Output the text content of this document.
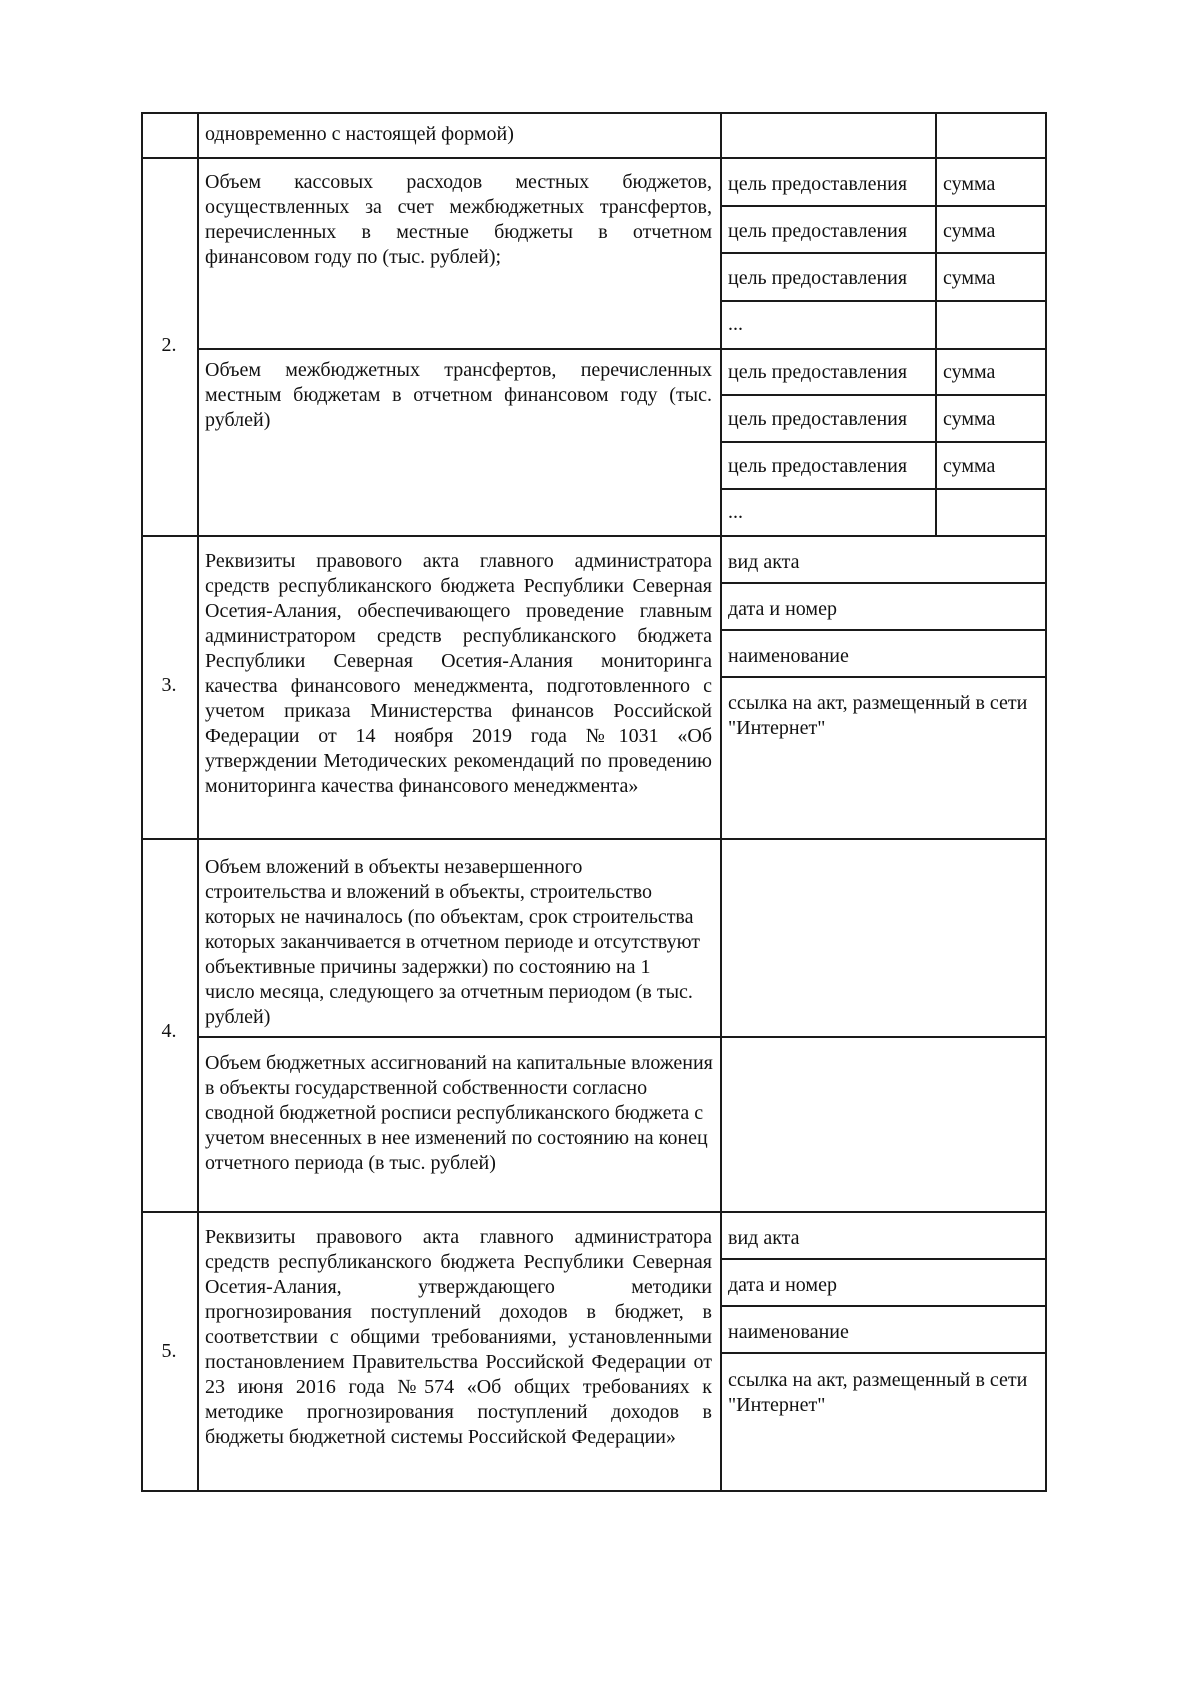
одновременно с настоящей формой)
2.
Объем кассовых расходов местных бюджетов, осуществленных за счет межбюджетных трансфертов, перечисленных в местные бюджеты в отчетном финансовом году по (тыс. рублей);
цель предоставления сумма
цель предоставления сумма
цель предоставления сумма
...
Объем межбюджетных трансфертов, перечисленных местным бюджетам в отчетном финансовом году (тыс. рублей)
цель предоставления сумма
цель предоставления сумма
цель предоставления сумма
...
3.
Реквизиты правового акта главного администратора средств республиканского бюджета Республики Северная Осетия-Алания, обеспечивающего проведение главным администратором средств республиканского бюджета Республики Северная Осетия-Алания мониторинга качества финансового менеджмента, подготовленного с учетом приказа Министерства финансов Российской Федерации от 14 ноября 2019 года №1031 «Об утверждении Методических рекомендаций по проведению мониторинга качества финансового менеджмента»
вид акта
дата и номер
наименование
ссылка на акт, размещенный в сети "Интернет"
4.
Объем вложений в объекты незавершенного строительства и вложений в объекты, строительство которых не начиналось (по объектам, срок строительства которых заканчивается в отчетном периоде и отсутствуют объективные причины задержки) по состоянию на 1 число месяца, следующего за отчетным периодом (в тыс. рублей)
Объем бюджетных ассигнований на капитальные вложения в объекты государственной собственности согласно сводной бюджетной росписи республиканского бюджета с учетом внесенных в нее изменений по состоянию на конец отчетного периода (в тыс. рублей)
5.
Реквизиты правового акта главного администратора средств республиканского бюджета Республики Северная Осетия-Алания, утверждающего методики прогнозирования поступлений доходов в бюджет, в соответствии с общими требованиями, установленными постановлением Правительства Российской Федерации от 23 июня 2016 года №574 «Об общих требованиях к методике прогнозирования поступлений доходов в бюджеты бюджетной системы Российской Федерации»
вид акта
дата и номер
наименование
ссылка на акт, размещенный в сети "Интернет"
